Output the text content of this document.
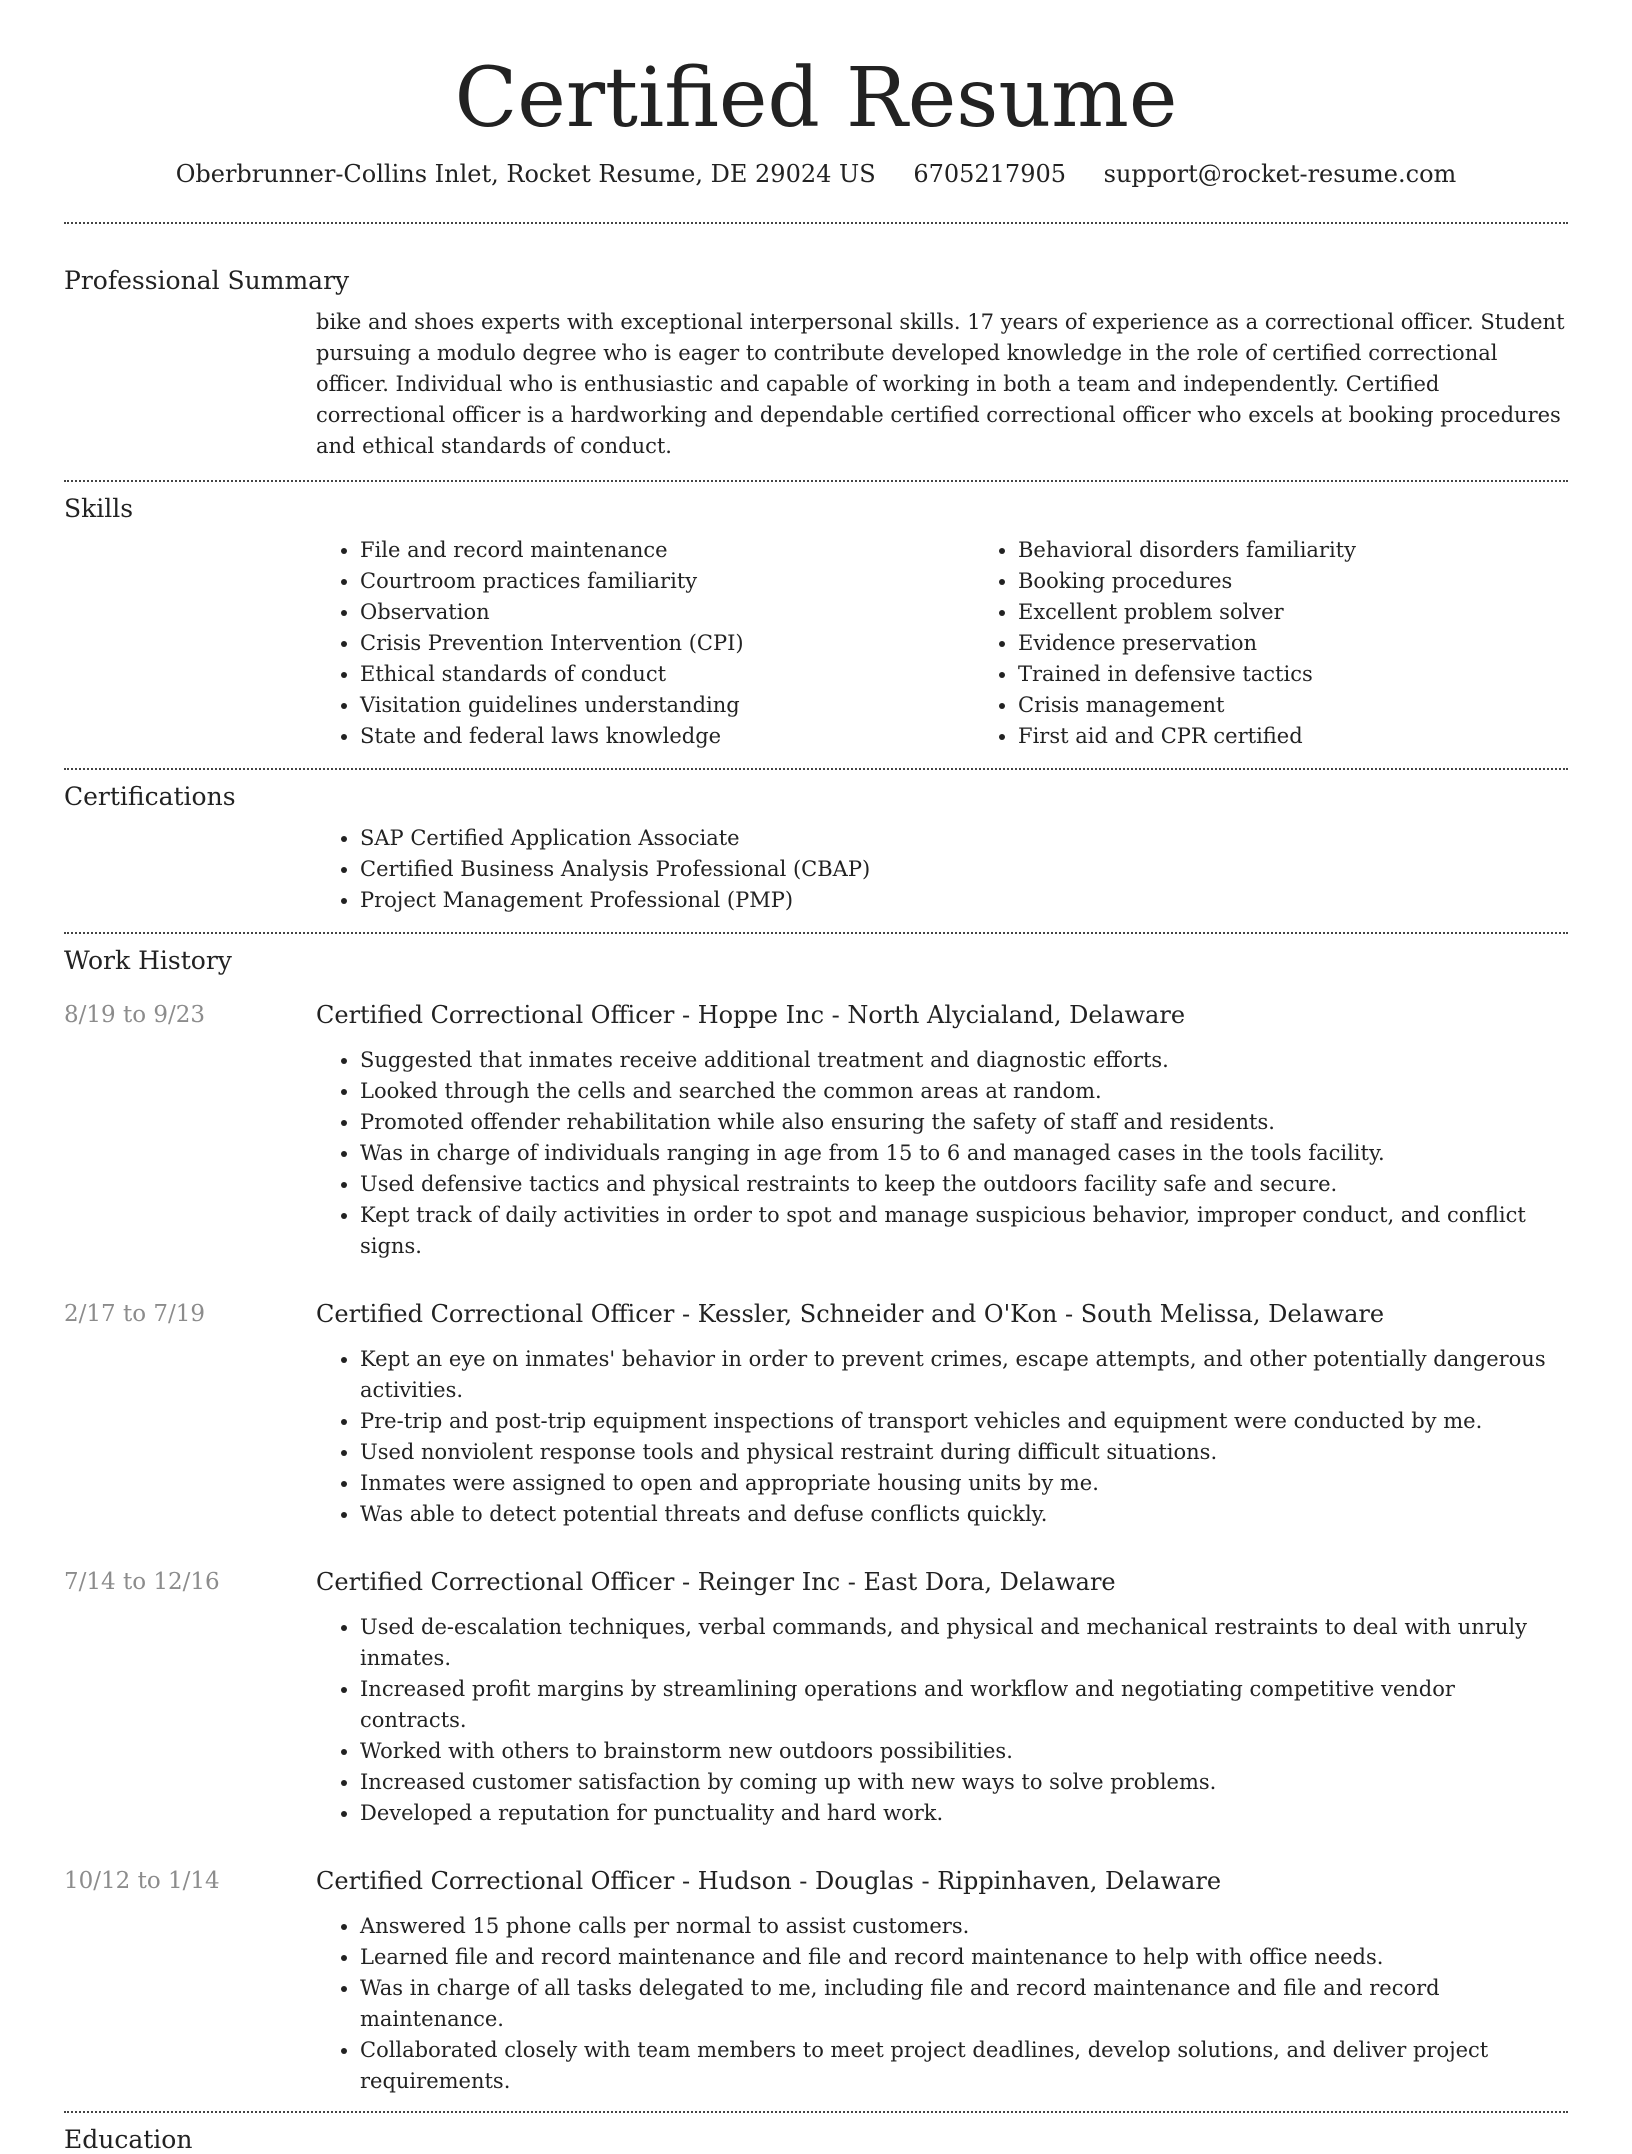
Certified Resume
Oberbrunner-Collins Inlet, Rocket Resume, DE 29024 US 6705217905 support@rocket-resume.com
Professional Summary

bike and shoes experts with exceptional interpersonal skills. 17 years of experience as a correctional officer. Student pursuing a modulo degree who is eager to contribute developed knowledge in the role of certified correctional officer. Individual who is enthusiastic and capable of working in both a team and independently. Certified correctional officer is a hardworking and dependable certified correctional officer who excels at booking procedures and ethical standards of conduct.

Skills
• File and record maintenance
• Courtroom practices familiarity
• Observation
• Crisis Prevention Intervention (CPI)
• Ethical standards of conduct
• Visitation guidelines understanding
• State and federal laws knowledge
• Behavioral disorders familiarity
• Booking procedures
• Excellent problem solver
• Evidence preservation
• Trained in defensive tactics
• Crisis management
• First aid and CPR certified
Certifications
• SAP Certified Application Associate
• Certified Business Analysis Professional (CBAP)
• Project Management Professional (PMP)
Work History
8/19 to 9/23	Certified Correctional Officer - Hoppe Inc - North Alycialand, Delaware
• Suggested that inmates receive additional treatment and diagnostic efforts.
• Looked through the cells and searched the common areas at random.
• Promoted offender rehabilitation while also ensuring the safety of staff and residents.
• Was in charge of individuals ranging in age from 15 to 6 and managed cases in the tools facility.
• Used defensive tactics and physical restraints to keep the outdoors facility safe and secure.
• Kept track of daily activities in order to spot and manage suspicious behavior, improper conduct, and conflict signs.
2/17 to 7/19	Certified Correctional Officer - Kessler, Schneider and O'Kon - South Melissa, Delaware
• Kept an eye on inmates' behavior in order to prevent crimes, escape attempts, and other potentially dangerous activities.
• Pre-trip and post-trip equipment inspections of transport vehicles and equipment were conducted by me.
• Used nonviolent response tools and physical restraint during difficult situations.
• Inmates were assigned to open and appropriate housing units by me.
• Was able to detect potential threats and defuse conflicts quickly.
7/14 to 12/16	Certified Correctional Officer - Reinger Inc - East Dora, Delaware
• Used de-escalation techniques, verbal commands, and physical and mechanical restraints to deal with unruly inmates.
• Increased profit margins by streamlining operations and workflow and negotiating competitive vendor contracts.
• Worked with others to brainstorm new outdoors possibilities.
• Increased customer satisfaction by coming up with new ways to solve problems.
• Developed a reputation for punctuality and hard work.
10/12 to 1/14	Certified Correctional Officer - Hudson - Douglas - Rippinhaven, Delaware
• Answered 15 phone calls per normal to assist customers.
• Learned file and record maintenance and file and record maintenance to help with office needs.
• Was in charge of all tasks delegated to me, including file and record maintenance and file and record maintenance.
• Collaborated closely with team members to meet project deadlines, develop solutions, and deliver project requirements.
Education
